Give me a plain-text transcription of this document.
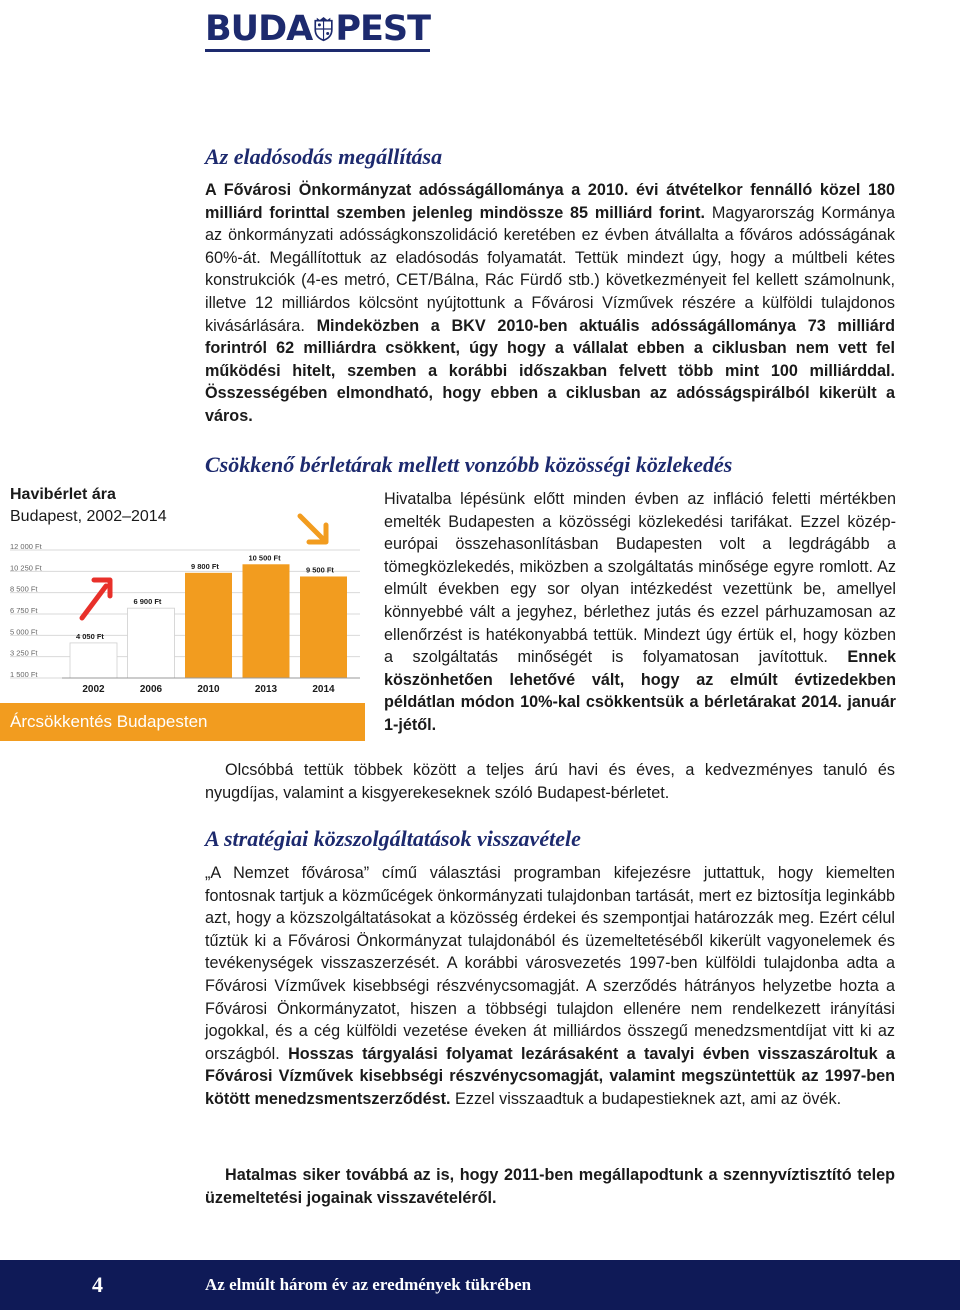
BUDA PEST
Az eladósodás megállítása

A Fővárosi Önkormányzat adósságállománya a 2010. évi átvételkor fennálló közel 180 milliárd forinttal szemben jelenleg mindössze 85 milliárd forint. Magyarország Kormánya az önkormányzati adósságkonszolidáció keretében ez évben átvállalta a főváros adósságának 60%-át. Megállítottuk az eladósodás folyamatát. Tettük mindezt úgy, hogy a múltbeli kétes konstrukciók (4-es metró, CET/Bálna, Rác Fürdő stb.) következményeit fel kellett számolnunk, illetve 12 milliárdos kölcsönt nyújtottunk a Fővárosi Vízművek részére a külföldi tulajdonos kivásárlására. Mindeközben a BKV 2010-ben aktuális adósságállománya 73 milliárd forintról 62 milliárdra csökkent, úgy hogy a vállalat ebben a ciklusban nem vett fel működési hitelt, szemben a korábbi időszakban felvett több mint 100 milliárddal. Összességében elmondható, hogy ebben a ciklusban az adósságspirálból kikerült a város.

Csökkenő bérletárak mellett vonzóbb közösségi közlekedés
Havibérlet ára
Budapest, 2002–2014
1 500 Ft
3 250 Ft
5 000 Ft
6 750 Ft
8 500 Ft
10 250 Ft
12 000 Ft
4 050 Ft
2002
6 900 Ft
2006
9 800 Ft
2010
10 500 Ft
2013
9 500 Ft
2014
Árcsökkentés Budapesten

Hivatalba lépésünk előtt minden évben az infláció feletti mértékben emelték Budapesten a közösségi közlekedési tarifákat. Ezzel közép-európai összehasonlításban Budapesten volt a legdrágább a tömegközlekedés, miközben a szolgáltatás minősége egyre romlott. Az elmúlt években egy sor olyan intézkedést vezettünk be, amellyel könnyebbé vált a jegyhez, bérlethez jutás és ezzel párhuzamosan az ellenőrzést is hatékonyabbá tettük. Mindezt úgy értük el, hogy közben a szolgáltatás minőségét is folyamatosan javítottuk. Ennek köszönhetően lehetővé vált, hogy az elmúlt évtizedekben példátlan módon 10%-kal csökkentsük a bérletárakat 2014. január 1-jétől.

Olcsóbbá tettük többek között a teljes árú havi és éves, a kedvezményes tanuló és nyugdíjas, valamint a kisgyerekeseknek szóló Budapest-bérletet.

A stratégiai közszolgáltatások visszavétele

„A Nemzet fővárosa” című választási programban kifejezésre juttattuk, hogy kiemelten fontosnak tartjuk a közműcégek önkormányzati tulajdonban tartását, mert ez biztosítja leginkább azt, hogy a közszolgáltatásokat a közösség érdekei és szempontjai határozzák meg. Ezért célul tűztük ki a Fővárosi Önkormányzat tulajdonából és üzemeltetéséből kikerült vagyonelemek és tevékenységek visszaszerzését. A korábbi városvezetés 1997-ben külföldi tulajdonba adta a Fővárosi Vízművek kisebbségi részvénycsomagját. A szerződés hátrányos helyzetbe hozta a Fővárosi Önkormányzatot, hiszen a többségi tulajdon ellenére nem rendelkezett irányítási jogokkal, és a cég külföldi vezetése éveken át milliárdos összegű menedzsmentdíjat vitt ki az országból. Hosszas tárgyalási folyamat lezárásaként a tavalyi évben visszaszároltuk a Fővárosi Vízművek kisebbségi részvénycsomagját, valamint megszüntettük az 1997-ben kötött menedzsmentszerződést. Ezzel visszaadtuk a budapestieknek azt, ami az övék.

Hatalmas siker továbbá az is, hogy 2011-ben megállapodtunk a szennyvíztisztító telep üzemeltetési jogainak visszavételéről.

4	Az elmúlt három év az eredmények tükrében
